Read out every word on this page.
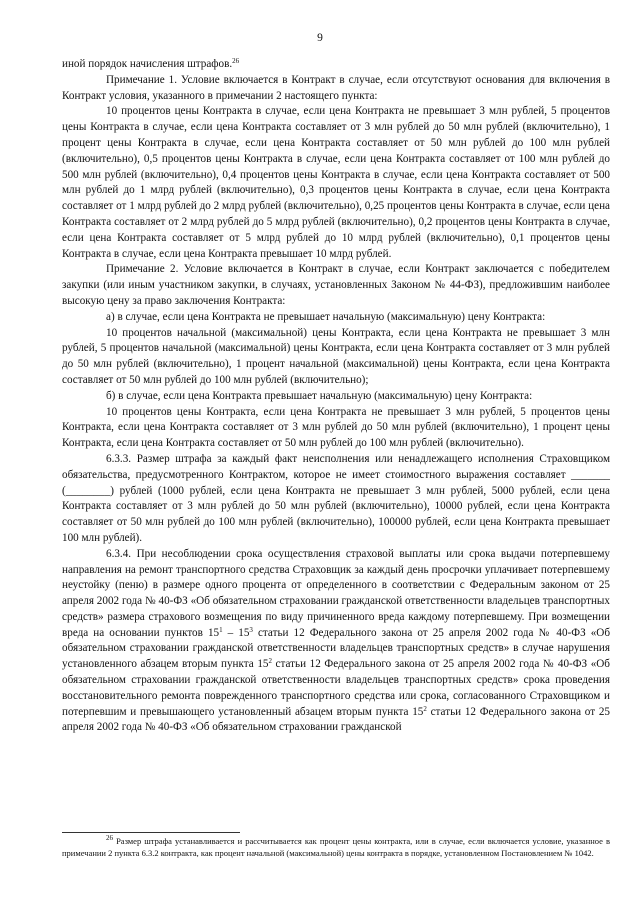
9

иной порядок начисления штрафов.$^{26}$

Примечание 1. Условие включается в Контракт в случае, если отсутствуют основания для включения в Контракт условия, указанного в примечании 2 настоящего пункта:

10 процентов цены Контракта в случае, если цена Контракта не превышает 3 млн рублей, 5 процентов цены Контракта в случае, если цена Контракта составляет от 3 млн рублей до 50 млн рублей (включительно), 1 процент цены Контракта в случае, если цена Контракта составляет от 50 млн рублей до 100 млн рублей (включительно), 0,5 процентов цены Контракта в случае, если цена Контракта составляет от 100 млн рублей до 500 млн рублей (включительно), 0,4 процентов цены Контракта в случае, если цена Контракта составляет от 500 млн рублей до 1 млрд рублей (включительно), 0,3 процентов цены Контракта в случае, если цена Контракта составляет от 1 млрд рублей до 2 млрд рублей (включительно), 0,25 процентов цены Контракта в случае, если цена Контракта составляет от 2 млрд рублей до 5 млрд рублей (включительно), 0,2 процентов цены Контракта в случае, если цена Контракта составляет от 5 млрд рублей до 10 млрд рублей (включительно), 0,1 процентов цены Контракта в случае, если цена Контракта превышает 10 млрд рублей.

Примечание 2. Условие включается в Контракт в случае, если Контракт заключается с победителем закупки (или иным участником закупки, в случаях, установленных Законом № 44-ФЗ), предложившим наиболее высокую цену за право заключения Контракта:

а) в случае, если цена Контракта не превышает начальную (максимальную) цену Контракта:

10 процентов начальной (максимальной) цены Контракта, если цена Контракта не превышает 3 млн рублей, 5 процентов начальной (максимальной) цены Контракта, если цена Контракта составляет от 3 млн рублей до 50 млн рублей (включительно), 1 процент начальной (максимальной) цены Контракта, если цена Контракта составляет от 50 млн рублей до 100 млн рублей (включительно);

б) в случае, если цена Контракта превышает начальную (максимальную) цену Контракта:

10 процентов цены Контракта, если цена Контракта не превышает 3 млн рублей, 5 процентов цены Контракта, если цена Контракта составляет от 3 млн рублей до 50 млн рублей (включительно), 1 процент цены Контракта, если цена Контракта составляет от 50 млн рублей до 100 млн рублей (включительно).

6.3.3. Размер штрафа за каждый факт неисполнения или ненадлежащего исполнения Страховщиком обязательства, предусмотренного Контрактом, которое не имеет стоимостного выражения составляет _______ (________) рублей (1000 рублей, если цена Контракта не превышает 3 млн рублей, 5000 рублей, если цена Контракта составляет от 3 млн рублей до 50 млн рублей (включительно), 10000 рублей, если цена Контракта составляет от 50 млн рублей до 100 млн рублей (включительно), 100000 рублей, если цена Контракта превышает 100 млн рублей).

6.3.4. При несоблюдении срока осуществления страховой выплаты или срока выдачи потерпевшему направления на ремонт транспортного средства Страховщик за каждый день просрочки уплачивает потерпевшему неустойку (пеню) в размере одного процента от определенного в соответствии с Федеральным законом от 25 апреля 2002 года № 40-ФЗ «Об обязательном страховании гражданской ответственности владельцев транспортных средств» размера страхового возмещения по виду причиненного вреда каждому потерпевшему. При возмещении вреда на основании пунктов $15^1 - 15^3$ статьи 12 Федерального закона от 25 апреля 2002 года № 40-ФЗ «Об обязательном страховании гражданской ответственности владельцев транспортных средств» в случае нарушения установленного абзацем вторым пункта $15^2$ статьи 12 Федерального закона от 25 апреля 2002 года № 40-ФЗ «Об обязательном страховании гражданской ответственности владельцев транспортных средств» срока проведения восстановительного ремонта поврежденного транспортного средства или срока, согласованного Страховщиком и потерпевшим и превышающего установленный абзацем вторым пункта $15^2$ статьи 12 Федерального закона от 25 апреля 2002 года № 40-ФЗ «Об обязательном страховании гражданской

$^{26}$ Размер штрафа устанавливается и рассчитывается как процент цены контракта, или в случае, если включается условие, указанное в примечании 2 пункта 6.3.2 контракта, как процент начальной (максимальной) цены контракта в порядке, установленном Постановлением № 1042.
